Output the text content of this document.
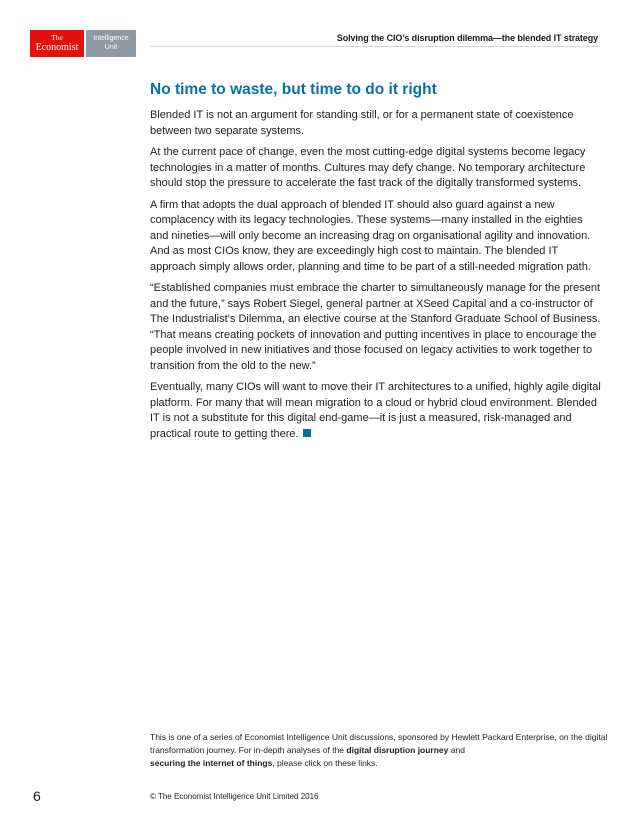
The
Economist
Intelligence
Unit
Solving the CIO’s disruption dilemma—the blended IT strategy
No time to waste, but time to do it right

Blended IT is not an argument for standing still, or for a permanent state of coexistence between two separate systems.

At the current pace of change, even the most cutting-edge digital systems become legacy technologies in a matter of months. Cultures may defy change. No temporary architecture should stop the pressure to accelerate the fast track of the digitally transformed systems.

A firm that adopts the dual approach of blended IT should also guard against a new complacency with its legacy technologies. These systems—many installed in the eighties and nineties—will only become an increasing drag on organisational agility and innovation. And as most CIOs know, they are exceedingly high cost to maintain. The blended IT approach simply allows order, planning and time to be part of a still-needed migration path.

“Established companies must embrace the charter to simultaneously manage for the present and the future,” says Robert Siegel, general partner at XSeed Capital and a co-instructor of The Industrialist’s Dilemma, an elective course at the Stanford Graduate School of Business. “That means creating pockets of innovation and putting incentives in place to encourage the people involved in new initiatives and those focused on legacy activities to work together to transition from the old to the new.”

Eventually, many CIOs will want to move their IT architectures to a unified, highly agile digital platform. For many that will mean migration to a cloud or hybrid cloud environment. Blended IT is not a substitute for this digital end-game—it is just a measured, risk-managed and practical route to getting there.

This is one of a series of Economist Intelligence Unit discussions, sponsored by Hewlett Packard Enterprise, on the digital transformation journey. For in-depth analyses of the digital disruption journey and
securing the internet of things, please click on these links.
6	© The Economist Intelligence Unit Limited 2016
